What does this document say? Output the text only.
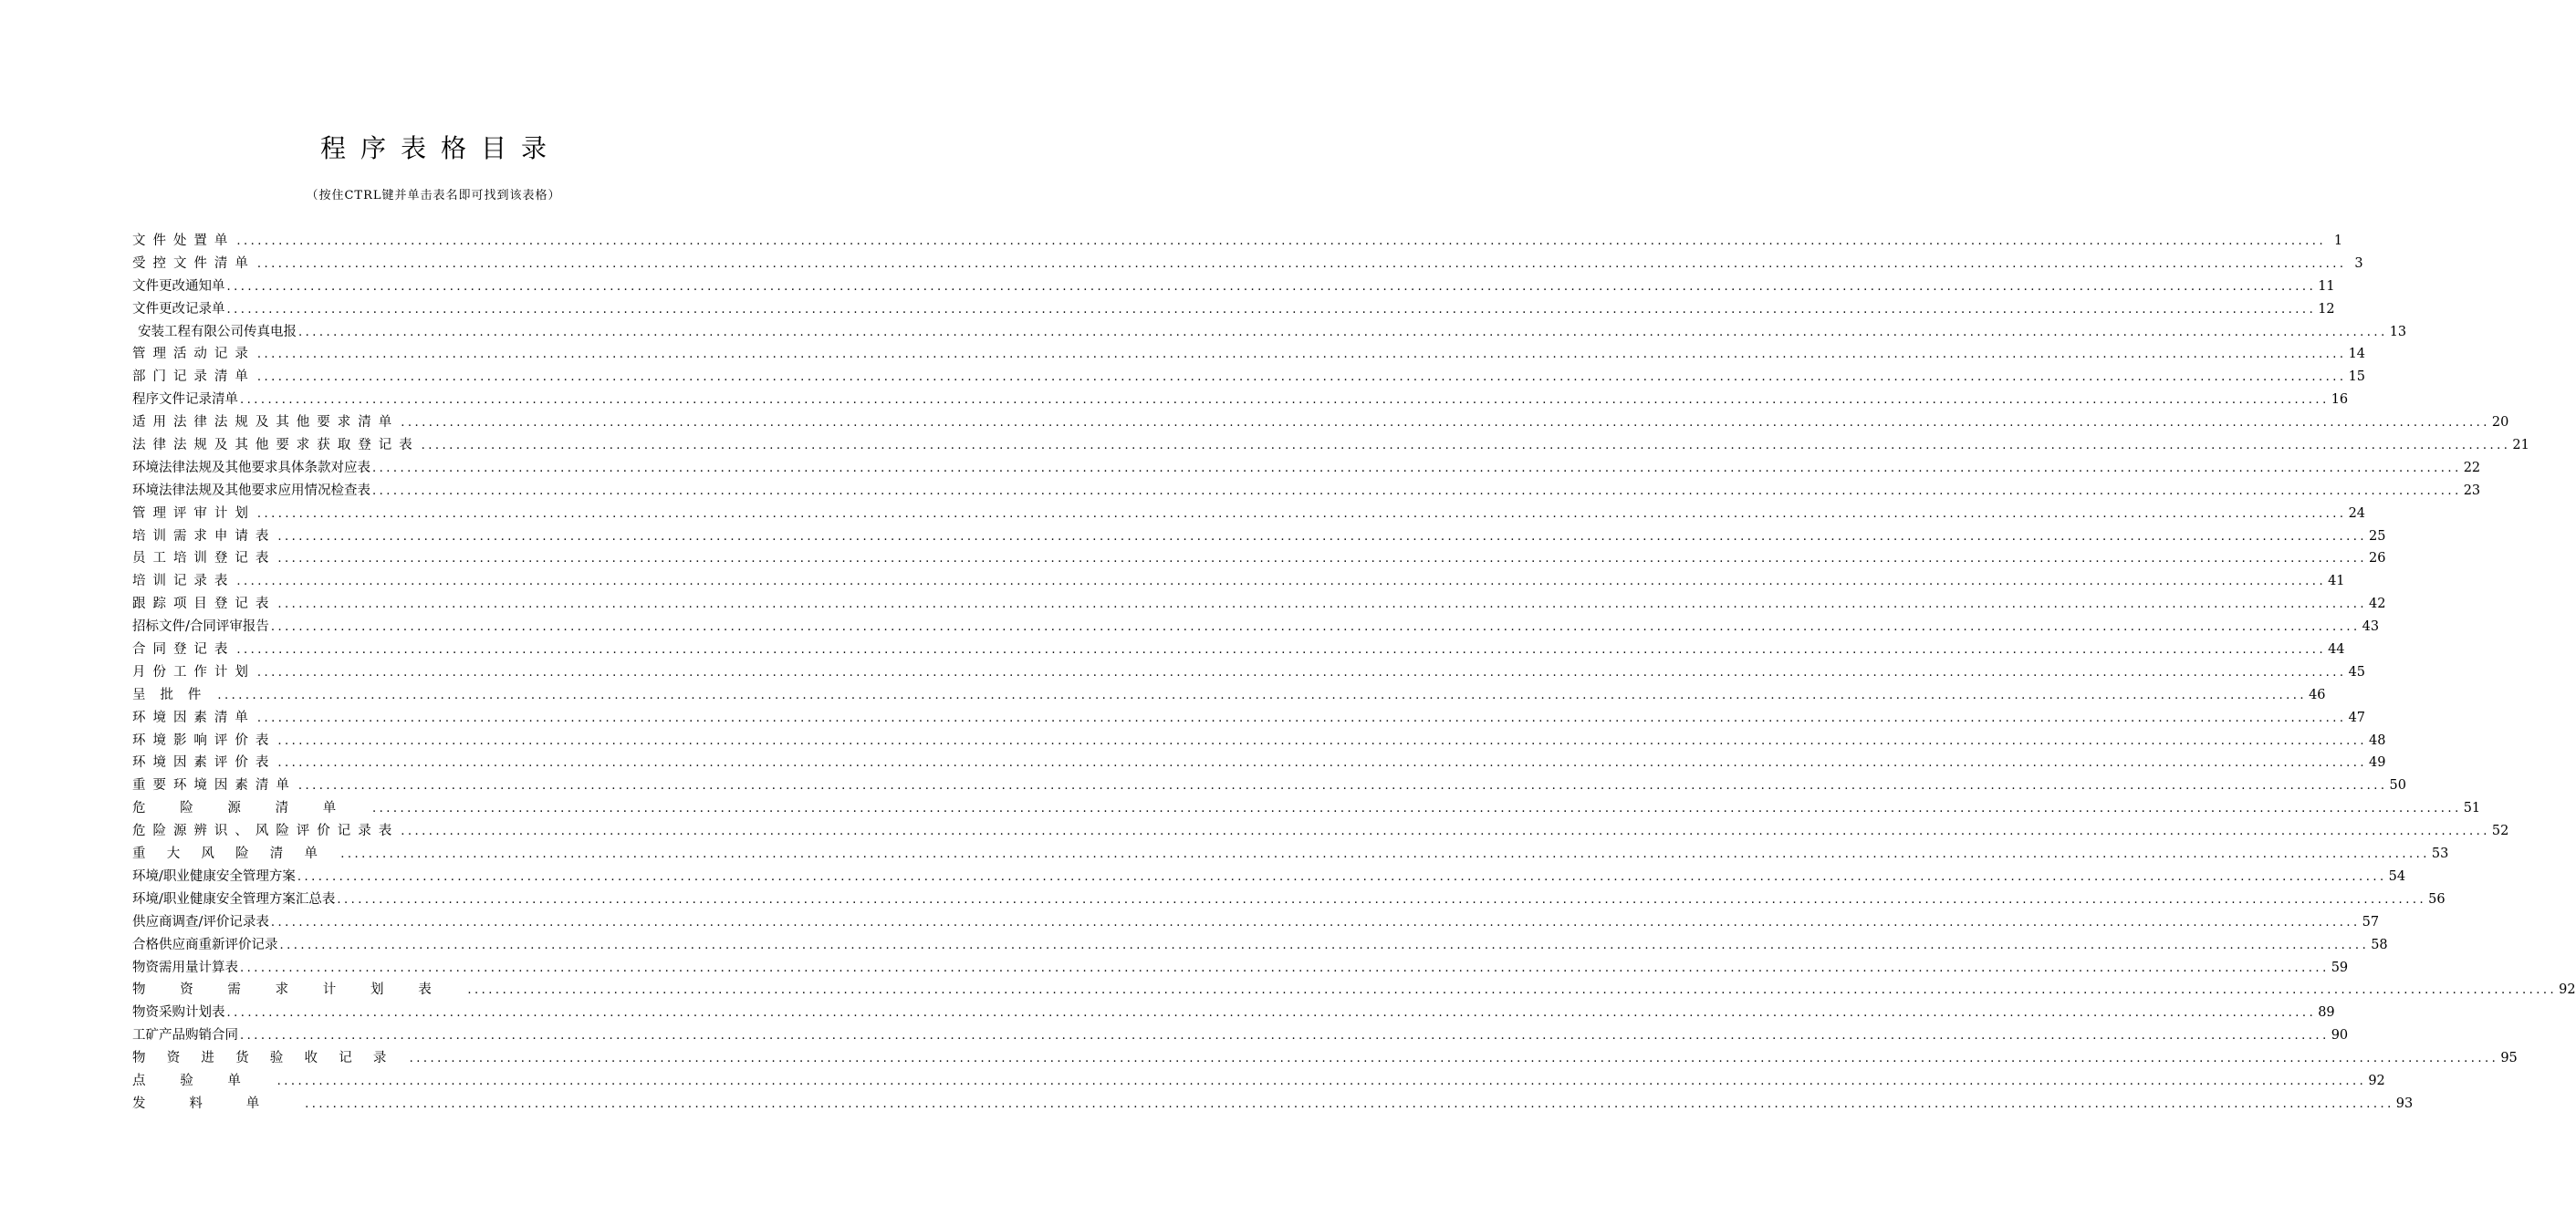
程序表格目录
（按住CTRL键并单击表名即可找到该表格）
文件处置单 ............................................................................................................................................................................................................................................................................................................ 1
受控文件清单 ............................................................................................................................................................................................................................................................................................................ 3
文件更改通知单 ............................................................................................................................................................................................................................................................................................................ 11
文件更改记录单 ............................................................................................................................................................................................................................................................................................................ 12
安装工程有限公司传真电报 ............................................................................................................................................................................................................................................................................................................ 13
管理活动记录 ............................................................................................................................................................................................................................................................................................................ 14
部门记录清单 ............................................................................................................................................................................................................................................................................................................ 15
程序文件记录清单 ............................................................................................................................................................................................................................................................................................................ 16
适用法律法规及其他要求清单 ............................................................................................................................................................................................................................................................................................................ 20
法律法规及其他要求获取登记表 ............................................................................................................................................................................................................................................................................................................ 21
环境法律法规及其他要求具体条款对应表 ............................................................................................................................................................................................................................................................................................................ 22
环境法律法规及其他要求应用情况检查表 ............................................................................................................................................................................................................................................................................................................ 23
管理评审计划 ............................................................................................................................................................................................................................................................................................................ 24
培训需求申请表 ............................................................................................................................................................................................................................................................................................................ 25
员工培训登记表 ............................................................................................................................................................................................................................................................................................................ 26
培训记录表 ............................................................................................................................................................................................................................................................................................................ 41
跟踪项目登记表 ............................................................................................................................................................................................................................................................................................................ 42
招标文件/合同评审报告 ............................................................................................................................................................................................................................................................................................................ 43
合同登记表 ............................................................................................................................................................................................................................................................................................................ 44
月份工作计划 ............................................................................................................................................................................................................................................................................................................ 45
呈批件 ............................................................................................................................................................................................................................................................................................................ 46
环境因素清单 ............................................................................................................................................................................................................................................................................................................ 47
环境影响评价表 ............................................................................................................................................................................................................................................................................................................ 48
环境因素评价表 ............................................................................................................................................................................................................................................................................................................ 49
重要环境因素清单 ............................................................................................................................................................................................................................................................................................................ 50
危险源清单 ............................................................................................................................................................................................................................................................................................................ 51
危险源辨识、风险评价记录表 ............................................................................................................................................................................................................................................................................................................ 52
重大风险清单 ............................................................................................................................................................................................................................................................................................................ 53
环境/职业健康安全管理方案 ............................................................................................................................................................................................................................................................................................................ 54
环境/职业健康安全管理方案汇总表 ............................................................................................................................................................................................................................................................................................................ 56
供应商调查/评价记录表 ............................................................................................................................................................................................................................................................................................................ 57
合格供应商重新评价记录 ............................................................................................................................................................................................................................................................................................................ 58
物资需用量计算表 ............................................................................................................................................................................................................................................................................................................ 59
物资需求计划表 ............................................................................................................................................................................................................................................................................................................ 92
物资采购计划表 ............................................................................................................................................................................................................................................................................................................ 89
工矿产品购销合同 ............................................................................................................................................................................................................................................................................................................ 90
物资进货验收记录 ............................................................................................................................................................................................................................................................................................................ 95
点验单 ............................................................................................................................................................................................................................................................................................................ 92
发料单 ............................................................................................................................................................................................................................................................................................................ 93
